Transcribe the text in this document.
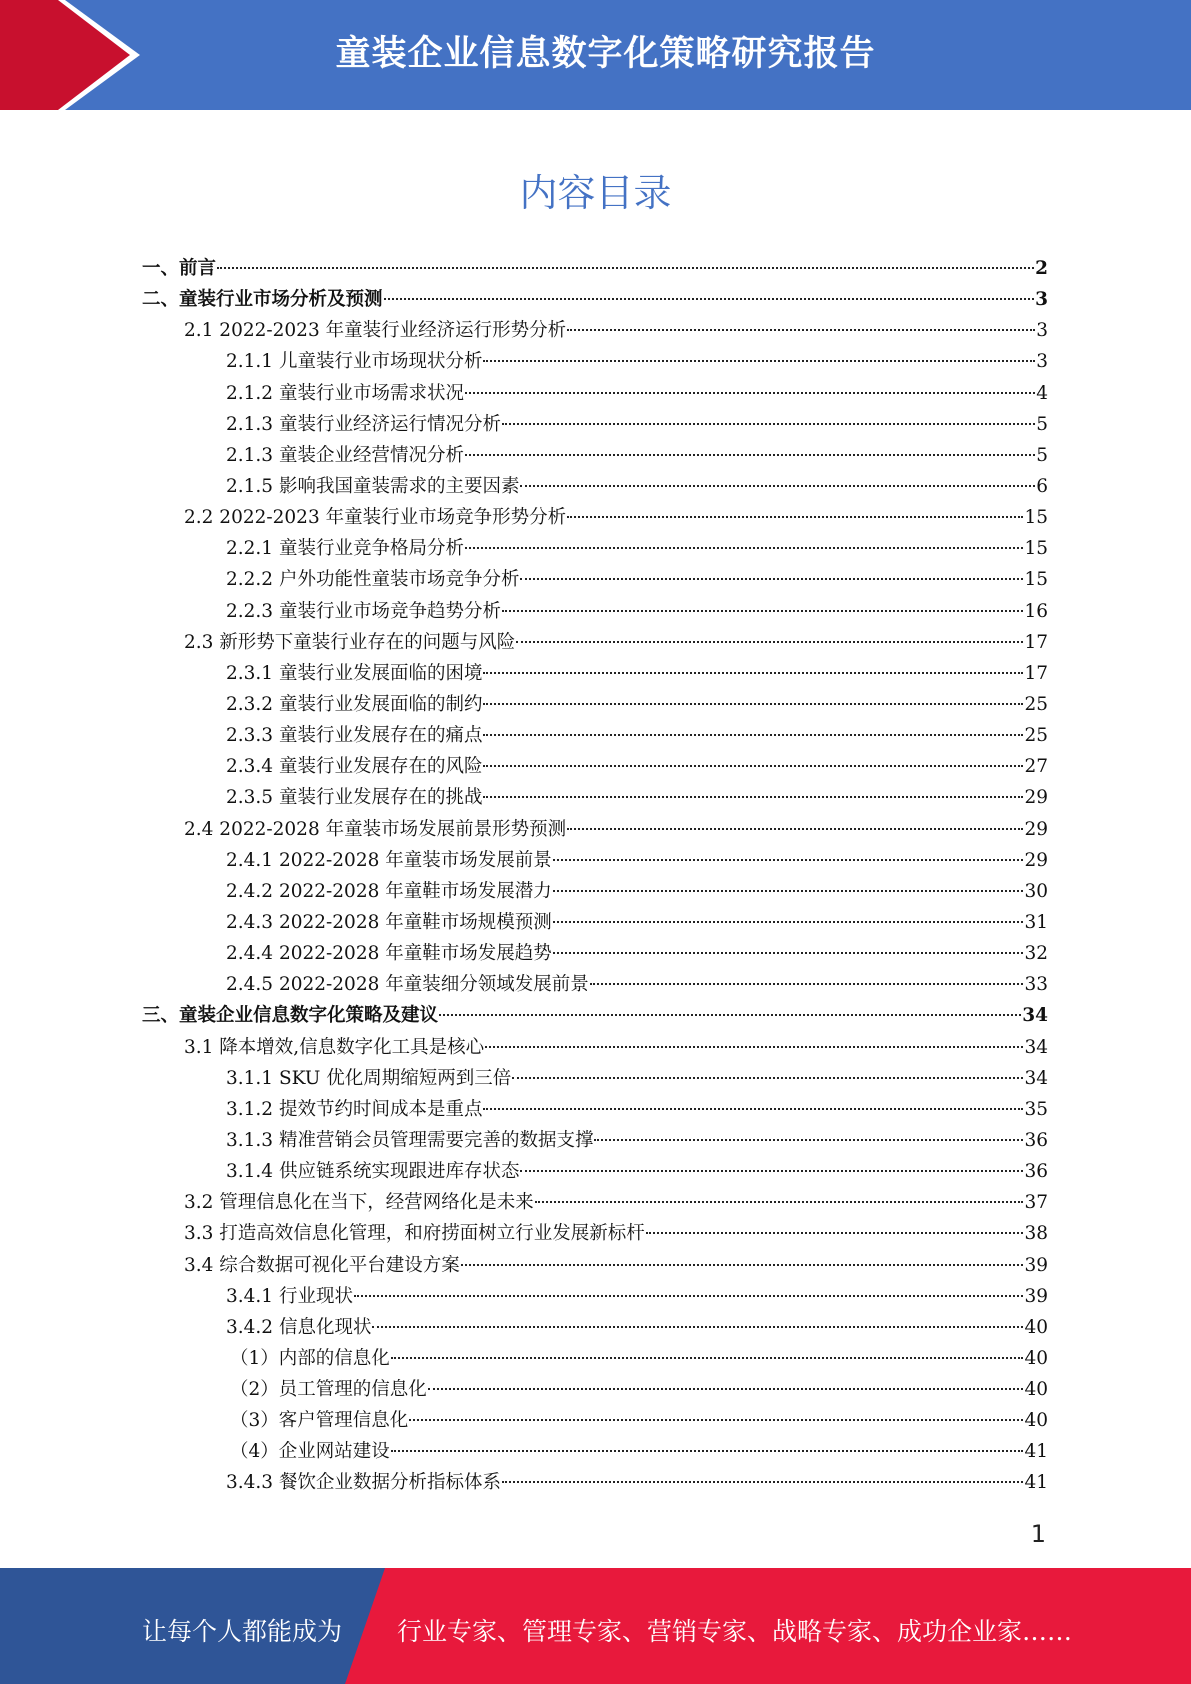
童装企业信息数字化策略研究报告
内容目录
一、前言	2
二、童装行业市场分析及预测	3
2.1 2022-2023 年童装行业经济运行形势分析	3
2.1.1 儿童装行业市场现状分析	3
2.1.2 童装行业市场需求状况	4
2.1.3 童装行业经济运行情况分析	5
2.1.3 童装企业经营情况分析	5
2.1.5 影响我国童装需求的主要因素	6
2.2 2022-2023 年童装行业市场竞争形势分析	15
2.2.1 童装行业竞争格局分析	15
2.2.2 户外功能性童装市场竞争分析	15
2.2.3 童装行业市场竞争趋势分析	16
2.3 新形势下童装行业存在的问题与风险	17
2.3.1 童装行业发展面临的困境	17
2.3.2 童装行业发展面临的制约	25
2.3.3 童装行业发展存在的痛点	25
2.3.4 童装行业发展存在的风险	27
2.3.5 童装行业发展存在的挑战	29
2.4 2022-2028 年童装市场发展前景形势预测	29
2.4.1 2022-2028 年童装市场发展前景	29
2.4.2 2022-2028 年童鞋市场发展潜力	30
2.4.3 2022-2028 年童鞋市场规模预测	31
2.4.4 2022-2028 年童鞋市场发展趋势	32
2.4.5 2022-2028 年童装细分领域发展前景	33
三、童装企业信息数字化策略及建议	34
3.1 降本增效,信息数字化工具是核心	34
3.1.1 SKU 优化周期缩短两到三倍	34
3.1.2 提效节约时间成本是重点	35
3.1.3 精准营销会员管理需要完善的数据支撑	36
3.1.4 供应链系统实现跟进库存状态	36
3.2 管理信息化在当下，经营网络化是未来	37
3.3 打造高效信息化管理，和府捞面树立行业发展新标杆	38
3.4 综合数据可视化平台建设方案	39
3.4.1 行业现状	39
3.4.2 信息化现状	40
（1）内部的信息化	40
（2）员工管理的信息化	40
（3）客户管理信息化	40
（4）企业网站建设	41
3.4.3 餐饮企业数据分析指标体系	41
1
让每个人都能成为 行业专家、管理专家、营销专家、战略专家、成功企业家……
